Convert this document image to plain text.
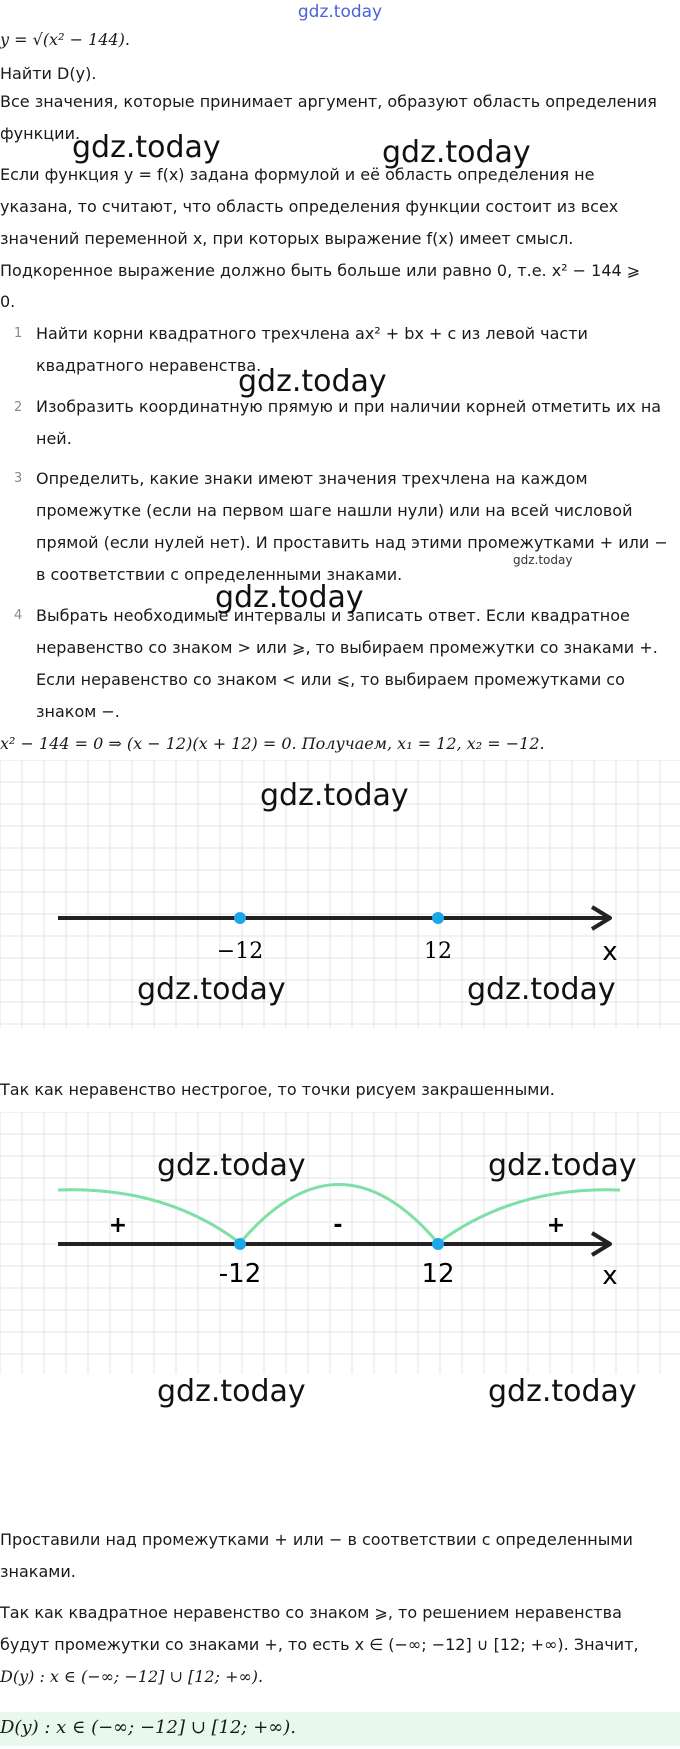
gdz.today
y = √(x² − 144).
Найти D(y).
Все значения, которые принимает аргумент, образуют область определения
функции.
Если функция y = f(x) задана формулой и её область определения не
указана, то считают, что область определения функции состоит из всех
значений переменной x, при которых выражение f(x) имеет смысл.
Подкоренное выражение должно быть больше или равно 0, т.е. x² − 144 ⩾
0.
gdz.today	gdz.today
gdz.today
gdz.today
gdz.today
1 Найти корни квадратного трехчлена ax² + bx + c из левой части
квадратного неравенства.
2 Изобразить координатную прямую и при наличии корней отметить их на
ней.
3 Определить, какие знаки имеют значения трехчлена на каждом
промежутке (если на первом шаге нашли нули) или на всей числовой
прямой (если нулей нет). И проставить над этими промежутками + или −
в соответствии с определенными знаками.
4 Выбрать необходимые интервалы и записать ответ. Если квадратное
неравенство со знаком > или ⩾, то выбираем промежутки со знаками +.
Если неравенство со знаком < или ⩽, то выбираем промежутками со
знаком −.
x² − 144 = 0 ⇒ (x − 12)(x + 12) = 0. Получаем, x₁ = 12, x₂ = −12.
−12	12	x
gdz.today
gdz.today	gdz.today
Так как неравенство нестрогое, то точки рисуем закрашенными.
+	-	+
-12	12	x
gdz.today	gdz.today
gdz.today	gdz.today
Проставили над промежутками + или − в соответствии с определенными
знаками.
Так как квадратное неравенство со знаком ⩾, то решением неравенства
будут промежутки со знаками +, то есть x ∈ (−∞; −12] ∪ [12; +∞). Значит,
D(y) : x ∈ (−∞; −12] ∪ [12; +∞).
D(y) : x ∈ (−∞; −12] ∪ [12; +∞).
